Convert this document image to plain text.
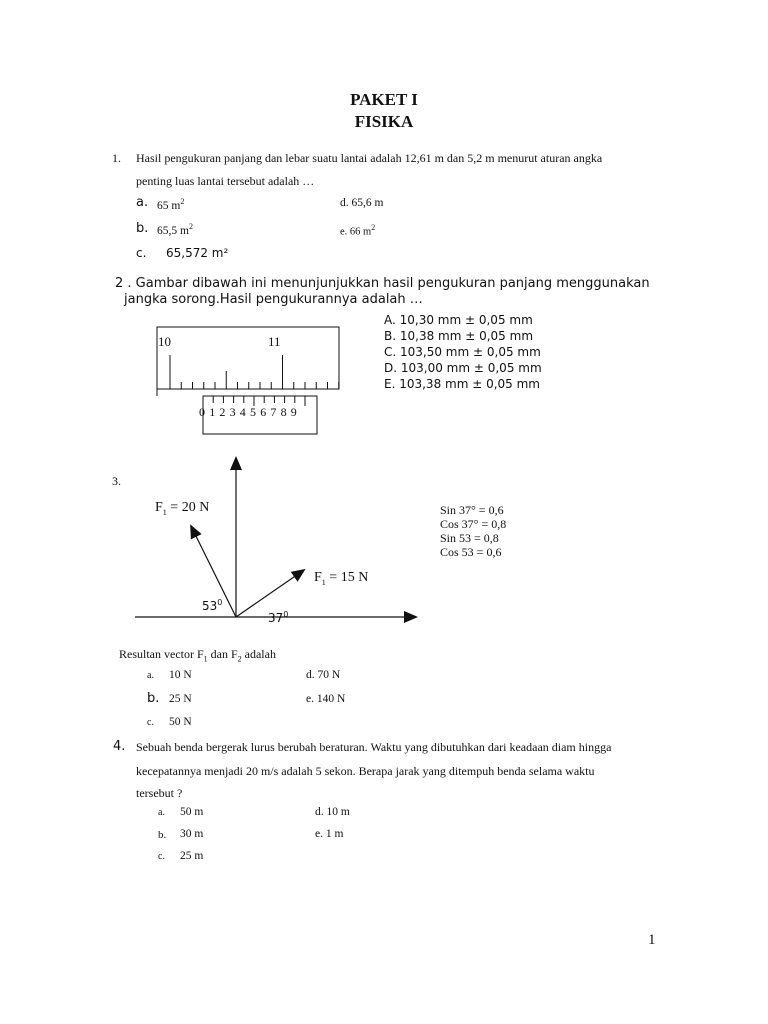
PAKET I
FISIKA
1. Hasil pengukuran panjang dan lebar suatu lantai adalah 12,61 m dan 5,2 m menurut aturan angka
penting luas lantai tersebut adalah …
a. 65 $m^2$	d. 65,6 m
b. 65,5 $m^2$	e. 66 $m^2$
c. 65,572 m²
2 . Gambar dibawah ini menunjunjukkan hasil pengukuran panjang menggunakan
jangka sorong.Hasil pengukurannya adalah …
A. 10,30 mm ± 0,05 mm
B. 10,38 mm ± 0,05 mm
C. 103,50 mm ± 0,05 mm
D. 103,00 mm ± 0,05 mm
E. 103,38 mm ± 0,05 mm
10	11
0 1 2 3 4 5 6 7 8 9
3.
$F_1 = 20$ N
$F_1 = 15$ N
$53^0$
$37^0$
Sin 37° = 0,6
Cos 37° = 0,8
Sin 53 = 0,8
Cos 53 = 0,6
Resultan vector $F_1$ dan $F_2$ adalah
a. 10 N	d. 70 N
b. 25 N	e. 140 N
c. 50 N
4. Sebuah benda bergerak lurus berubah beraturan. Waktu yang dibutuhkan dari keadaan diam hingga
kecepatannya menjadi 20 m/s adalah 5 sekon. Berapa jarak yang ditempuh benda selama waktu
tersebut ?
a. 50 m	d. 10 m
b. 30 m	e. 1 m
c. 25 m
1
